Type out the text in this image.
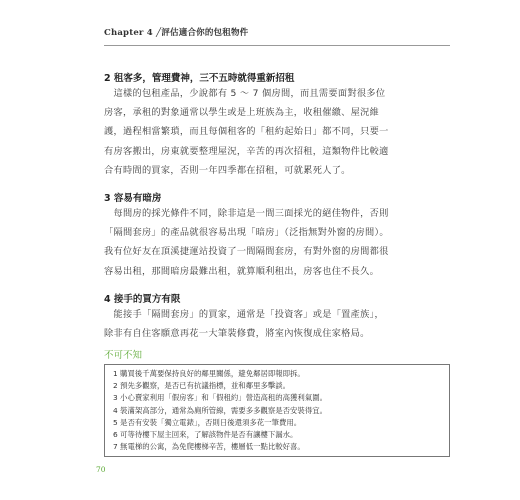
Chapter 4 ╱評估適合你的包租物件
2 租客多，管理費神，三不五時就得重新招租

　這樣的包租產品，少說都有 5 ～ 7 個房間，而且需要面對很多位

房客，承租的對象通常以學生或是上班族為主，收租催繳、屋況維

護，過程相當繁瑣，而且每個租客的「租約起始日」都不同，只要一

有房客搬出，房東就要整理屋況，辛苦的再次招租，這類物件比較適

合有時間的買家，否則一年四季都在招租，可就累死人了。

3 容易有暗房

　每間房的採光條件不同，除非這是一間三面採光的絕佳物件，否則

「隔間套房」的產品就很容易出現「暗房」（泛指無對外窗的房間）。

我有位好友在頂溪捷運站投資了一間隔間套房，有對外窗的房間都很

容易出租，那間暗房最難出租，就算順利租出，房客也住不長久。

4 接手的買方有限

　能接手「隔間套房」的買家，通常是「投資客」或是「置產族」，

除非有自住客願意再花一大筆裝修費，將室內恢復成住家格局。

不可不知
1 購買後千萬要保持良好的鄰里關係，避免鄰居即報即拆。
2 預先多觀察，是否已有抗議指標，並和鄰里多擊談。
3 小心賣家利用「假房客」和「假租約」營造高租的高獲利氣圍。
4 裝滿架高部分，通常為廁所管線，需要多多觀察是否安裝得宜。
5 是否有安裝「獨立電錶」，否則日後還須多花一筆費用。
6 可等待樓下屋主回來，了解該物件是否有讓樓下漏水。
7 無電梯的公寓，為免爬樓梯辛苦，樓層低一點比較好喜。
70
